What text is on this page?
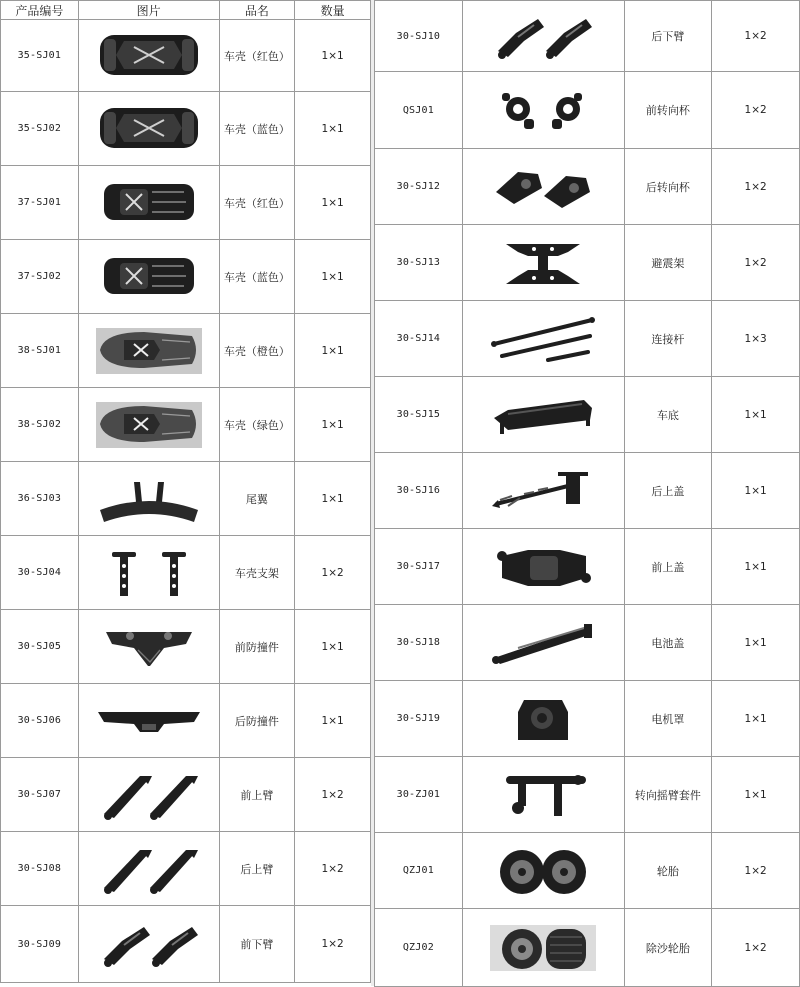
产品编号	图片	品名	数量
35-SJ01		车壳（红色）	1×1
35-SJ02		车壳（蓝色）	1×1
37-SJ01		车壳（红色）	1×1
37-SJ02		车壳（蓝色）	1×1
38-SJ01		车壳（橙色）	1×1
38-SJ02		车壳（绿色）	1×1
36-SJ03		尾翼	1×1
30-SJ04		车壳支架	1×2
30-SJ05		前防撞件	1×1
30-SJ06		后防撞件	1×1
30-SJ07		前上臂	1×2
30-SJ08		后上臂	1×2
30-SJ09		前下臂	1×2
30-SJ10		后下臂	1×2
QSJ01		前转向杯	1×2
30-SJ12		后转向杯	1×2
30-SJ13		避震架	1×2
30-SJ14		连接杆	1×3
30-SJ15		车底	1×1
30-SJ16		后上盖	1×1
30-SJ17		前上盖	1×1
30-SJ18		电池盖	1×1
30-SJ19		电机罩	1×1
30-ZJ01		转向摇臂套件	1×1
QZJ01		轮胎	1×2
QZJ02		除沙轮胎	1×2
